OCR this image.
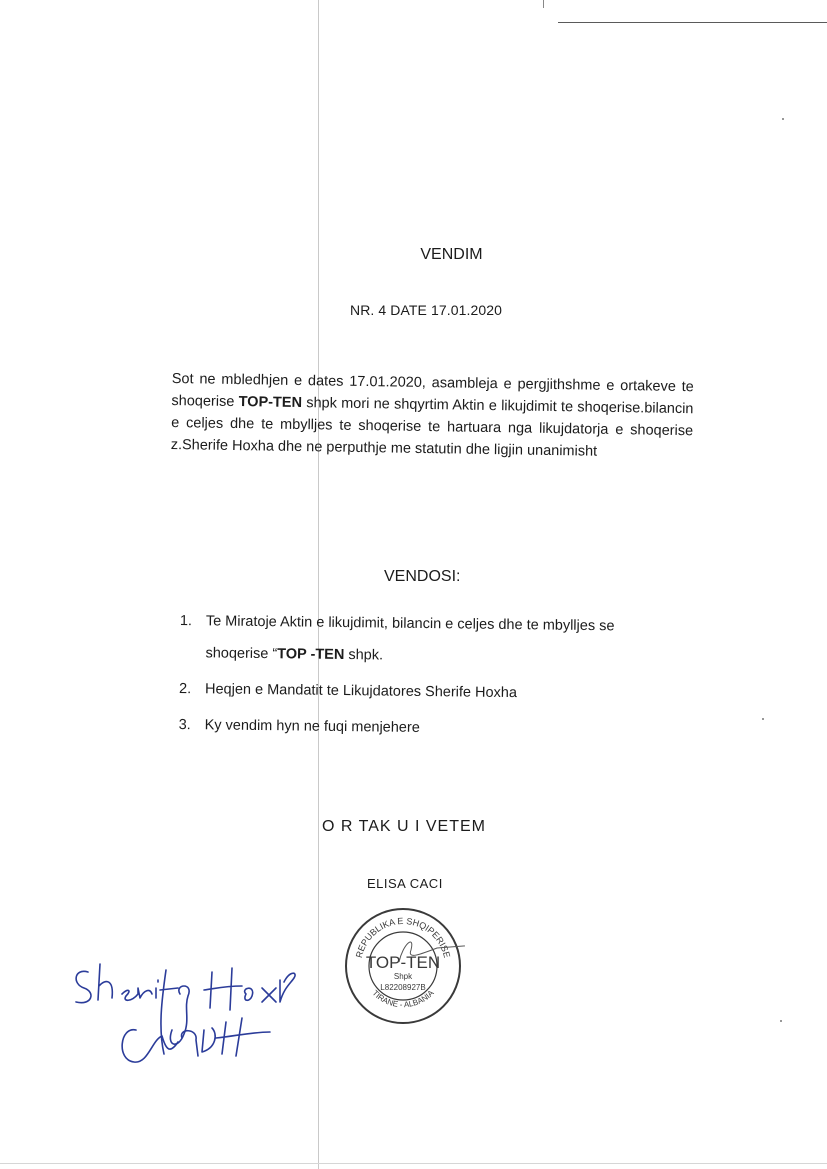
VENDIM
NR. 4 DATE 17.01.2020

Sot ne mbledhjen e dates 17.01.2020, asambleja e pergjithshme e ortakeve te shoqerise TOP-TEN shpk mori ne shqyrtim Aktin e likujdimit te shoqerise.bilancin e celjes dhe te mbylljes te shoqerise te hartuara nga likujdatorja e shoqerise z.Sherife Hoxha dhe ne perputhje me statutin dhe ligjin unanimisht

VENDOSI:
1. Te Miratoje Aktin e likujdimit, bilancin e celjes dhe te mbylljes se
shoqerise “TOP -TEN shpk.
2. Heqjen e Mandatit te Likujdatores Sherife Hoxha
3. Ky vendim hyn ne fuqi menjehere
O R TAK U I VETEM
ELISA CACI
REPUBLIKA E SHQIPERISE
TIRANE - ALBANIA
TOP-TEN
Shpk
L82208927B
Sherife Hoxha
